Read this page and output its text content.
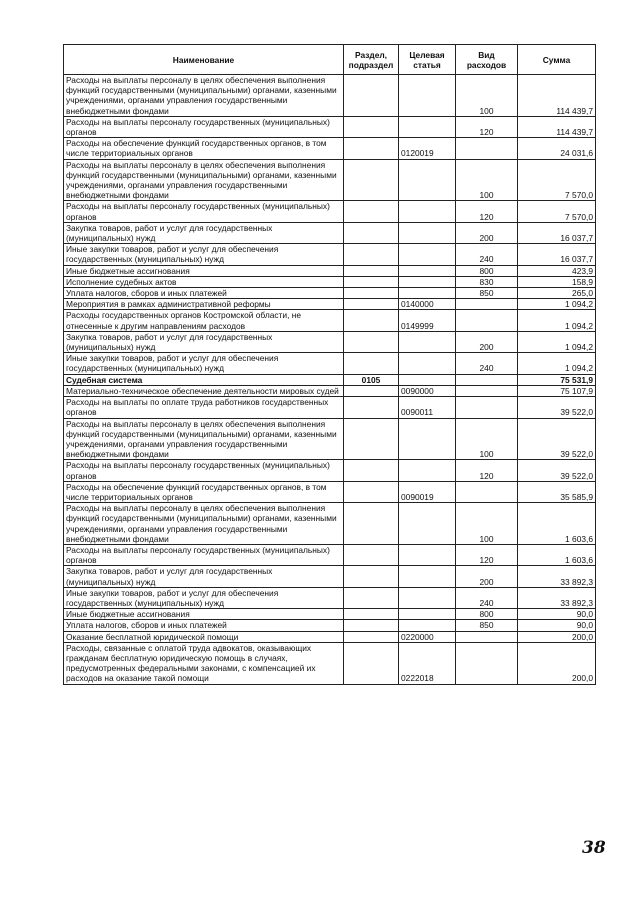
Наименование	Раздел, подраздел	Целевая статья	Вид расходов	Сумма
Расходы на выплаты персоналу в целях обеспечения выполнения функций государственными (муниципальными) органами, казенными учреждениями, органами управления государственными внебюджетными фондами			100	114 439,7
Расходы на выплаты персоналу государственных (муниципальных) органов			120	114 439,7
Расходы на обеспечение функций государственных органов, в том числе территориальных органов		0120019		24 031,6
Расходы на выплаты персоналу в целях обеспечения выполнения функций государственными (муниципальными) органами, казенными учреждениями, органами управления государственными внебюджетными фондами			100	7 570,0
Расходы на выплаты персоналу государственных (муниципальных) органов			120	7 570,0
Закупка товаров, работ и услуг для государственных (муниципальных) нужд			200	16 037,7
Иные закупки товаров, работ и услуг для обеспечения государственных (муниципальных) нужд			240	16 037,7
Иные бюджетные ассигнования			800	423,9
Исполнение судебных актов			830	158,9
Уплата налогов, сборов и иных платежей			850	265,0
Мероприятия в рамках административной реформы		0140000		1 094,2
Расходы государственных органов Костромской области, не отнесенные к другим направлениям расходов		0149999		1 094,2
Закупка товаров, работ и услуг для государственных (муниципальных) нужд			200	1 094,2
Иные закупки товаров, работ и услуг для обеспечения государственных (муниципальных) нужд			240	1 094,2
Судебная система	0105			75 531,9
Материально-техническое обеспечение деятельности мировых судей		0090000		75 107,9
Расходы на выплаты по оплате труда работников государственных органов		0090011		39 522,0
Расходы на выплаты персоналу в целях обеспечения выполнения функций государственными (муниципальными) органами, казенными учреждениями, органами управления государственными внебюджетными фондами			100	39 522,0
Расходы на выплаты персоналу государственных (муниципальных) органов			120	39 522,0
Расходы на обеспечение функций государственных органов, в том числе территориальных органов		0090019		35 585,9
Расходы на выплаты персоналу в целях обеспечения выполнения функций государственными (муниципальными) органами, казенными учреждениями, органами управления государственными внебюджетными фондами			100	1 603,6
Расходы на выплаты персоналу государственных (муниципальных) органов			120	1 603,6
Закупка товаров, работ и услуг для государственных (муниципальных) нужд			200	33 892,3
Иные закупки товаров, работ и услуг для обеспечения государственных (муниципальных) нужд			240	33 892,3
Иные бюджетные ассигнования			800	90,0
Уплата налогов, сборов и иных платежей			850	90,0
Оказание бесплатной юридической помощи		0220000		200,0
Расходы, связанные с оплатой труда адвокатов, оказывающих гражданам бесплатную юридическую помощь в случаях, предусмотренных федеральными законами, с компенсацией их расходов на оказание такой помощи		0222018		200,0
38
